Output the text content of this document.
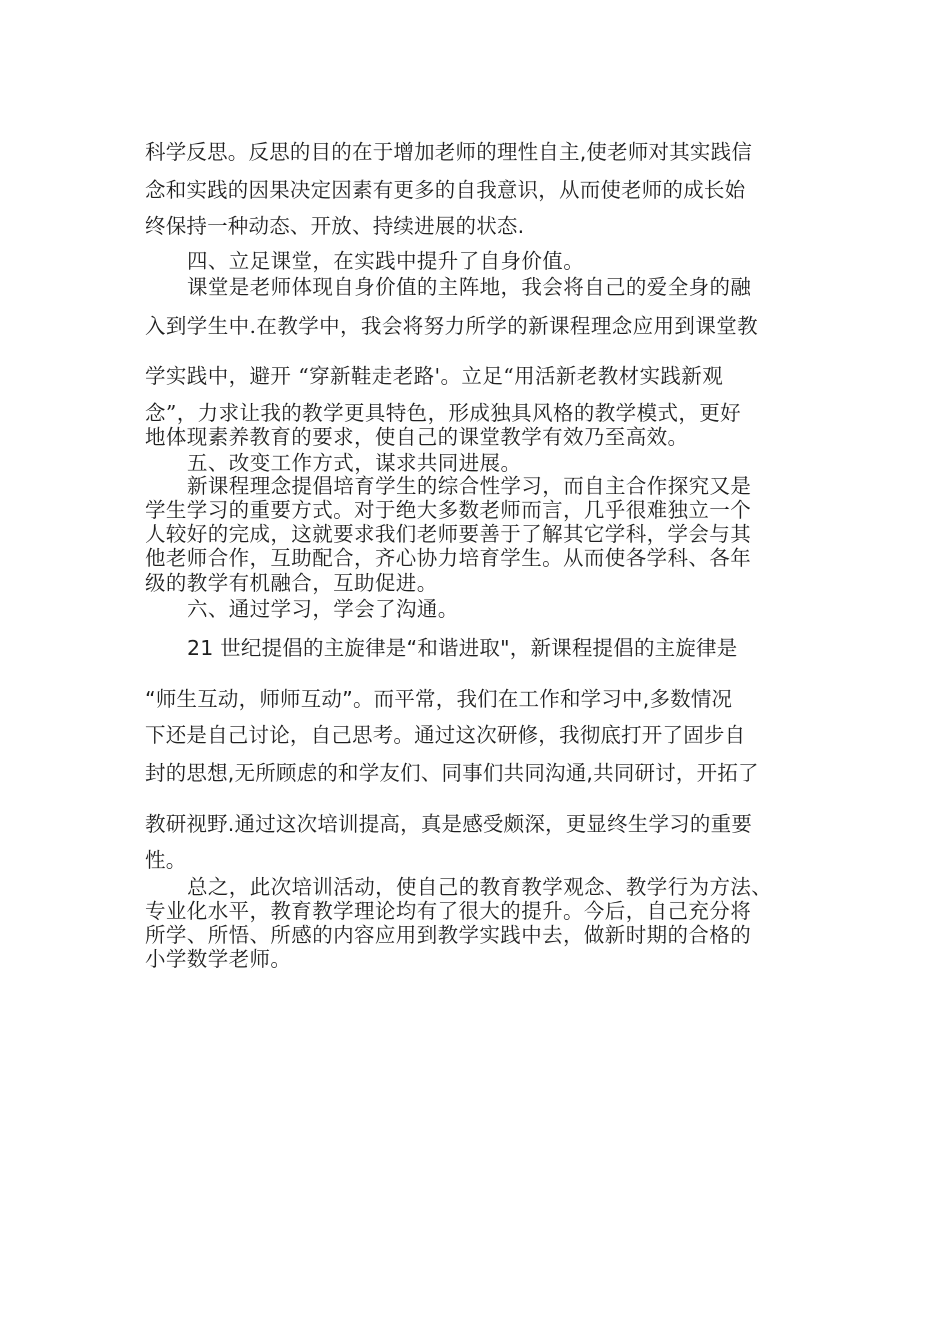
科学反思。反思的目的在于增加老师的理性自主,使老师对其实践信
念和实践的因果决定因素有更多的自我意识，从而使老师的成长始
终保持一种动态、开放、持续进展的状态.
四、立足课堂，在实践中提升了自身价值。
课堂是老师体现自身价值的主阵地，我会将自己的爱全身的融
入到学生中.在教学中，我会将努力所学的新课程理念应用到课堂教
学实践中，避开 “穿新鞋走老路'。立足“用活新老教材实践新观
念”，力求让我的教学更具特色，形成独具风格的教学模式，更好
地体现素养教育的要求，使自己的课堂教学有效乃至高效。
五、改变工作方式，谋求共同进展。
新课程理念提倡培育学生的综合性学习，而自主合作探究又是
学生学习的重要方式。对于绝大多数老师而言，几乎很难独立一个
人较好的完成，这就要求我们老师要善于了解其它学科，学会与其
他老师合作，互助配合，齐心协力培育学生。从而使各学科、各年
级的教学有机融合，互助促进。
六、通过学习，学会了沟通。
21 世纪提倡的主旋律是“和谐进取"，新课程提倡的主旋律是
“师生互动，师师互动”。而平常，我们在工作和学习中,多数情况
下还是自己讨论，自己思考。通过这次研修，我彻底打开了固步自
封的思想,无所顾虑的和学友们、同事们共同沟通,共同研讨，开拓了
教研视野.通过这次培训提高，真是感受颇深，更显终生学习的重要
性。
总之，此次培训活动，使自己的教育教学观念、教学行为方法、
专业化水平，教育教学理论均有了很大的提升。今后，自己充分将
所学、所悟、所感的内容应用到教学实践中去，做新时期的合格的
小学数学老师。
